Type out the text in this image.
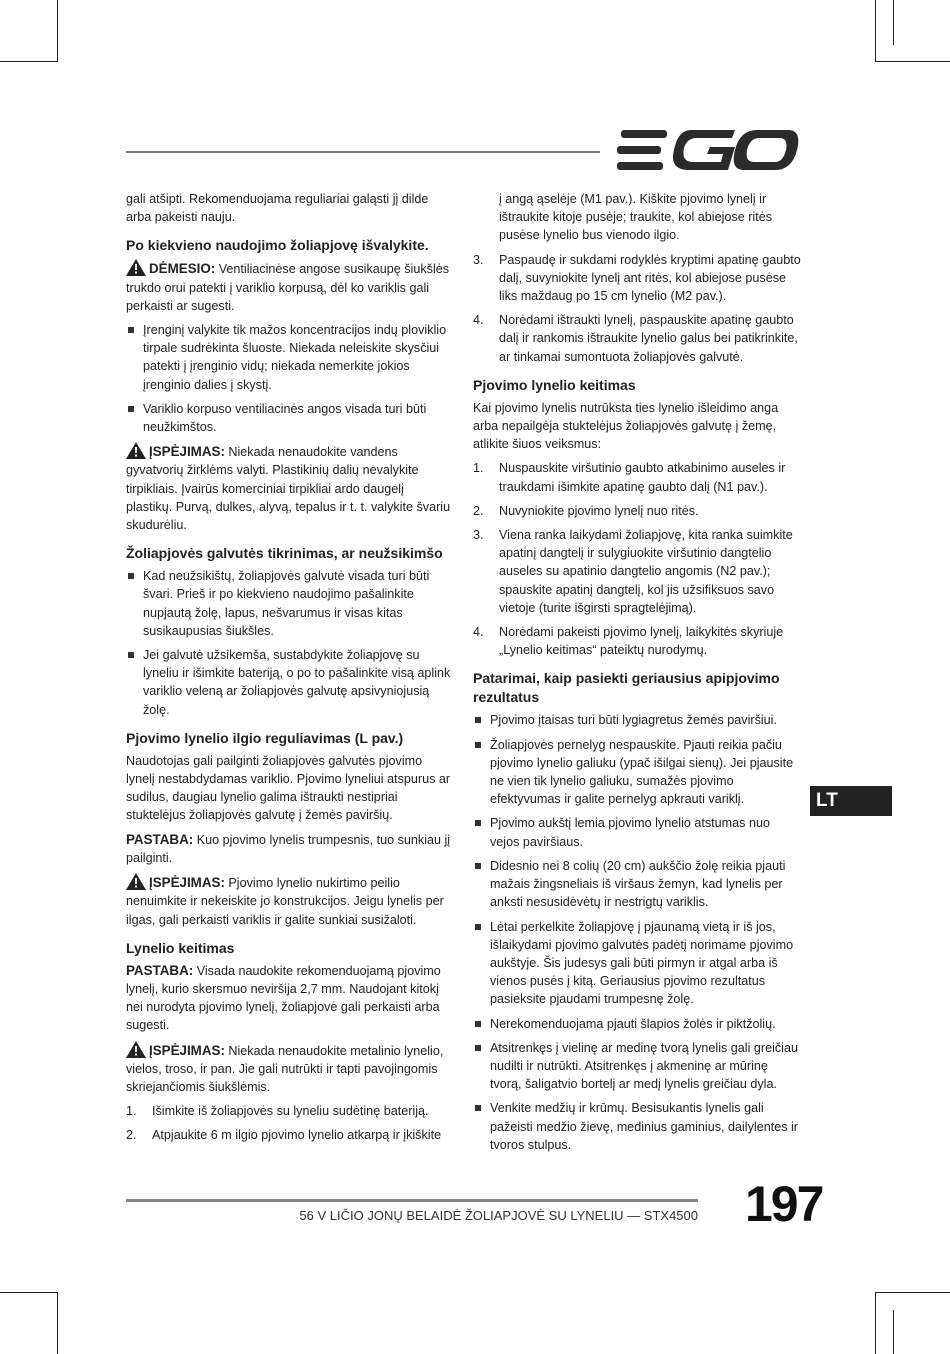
gali atšipti. Rekomenduojama reguliariai galąsti jį dilde arba pakeisti nauju.

Po kiekvieno naudojimo žoliapjovę išvalykite.

DĖMESIO: Ventiliacinėse angose susikaupę šiukšlės trukdo orui patekti į variklio korpusą, dėl ko variklis gali perkaisti ar sugesti.

Įrenginį valykite tik mažos koncentracijos indų ploviklio tirpale sudrėkinta šluoste. Niekada neleiskite skysčiui patekti į įrenginio vidų; niekada nemerkite jokios įrenginio dalies į skystį.
Variklio korpuso ventiliacinės angos visada turi būti neužkimštos.

ĮSPĖJIMAS: Niekada nenaudokite vandens gyvatvorių žirklėms valyti. Plastikinių dalių nevalykite tirpikliais. Įvairūs komerciniai tirpikliai ardo daugelį plastikų. Purvą, dulkes, alyvą, tepalus ir t. t. valykite švariu skudurėliu.

Žoliapjovės galvutės tikrinimas, ar neužsikimšo
Kad neužsikištų, žoliapjovės galvutė visada turi būti švari. Prieš ir po kiekvieno naudojimo pašalinkite nupjautą žolę, lapus, nešvarumus ir visas kitas susikaupusias šiukšles.
Jei galvutė užsikemša, sustabdykite žoliapjovę su lyneliu ir išimkite bateriją, o po to pašalinkite visą aplink variklio veleną ar žoliapjovės galvutę apsivyniojusią žolę.
Pjovimo lynelio ilgio reguliavimas (L pav.)

Naudotojas gali pailginti žoliapjovės galvutės pjovimo lynelį nestabdydamas variklio. Pjovimo lyneliui atspurus ar sudilus, daugiau lynelio galima ištraukti nestipriai stuktelėjus žoliapjovės galvutę į žemės paviršių.

PASTABA: Kuo pjovimo lynelis trumpesnis, tuo sunkiau jį pailginti.

ĮSPĖJIMAS: Pjovimo lynelio nukirtimo peilio nenuimkite ir nekeiskite jo konstrukcijos. Jeigu lynelis per ilgas, gali perkaisti variklis ir galite sunkiai susižaloti.

Lynelio keitimas

PASTABA: Visada naudokite rekomenduojamą pjovimo lynelį, kurio skersmuo neviršija 2,7 mm. Naudojant kitokį nei nurodyta pjovimo lynelį, žoliapjovė gali perkaisti arba sugesti.

ĮSPĖJIMAS: Niekada nenaudokite metalinio lynelio, vielos, troso, ir pan. Jie gali nutrūkti ir tapti pavojingomis skriejančiomis šiukšlėmis.

1. Išimkite iš žoliapjovės su lyneliu sudėtinę bateriją.
2. Atpjaukite 6 m ilgio pjovimo lynelio atkarpą ir įkiškite

į angą ąselėje (M1 pav.). Kiškite pjovimo lynelį ir ištraukite kitoje pusėje; traukite, kol abiejose ritės pusėse lynelio bus vienodo ilgio.

3. Paspaudę ir sukdami rodyklės kryptimi apatinę gaubto dalį, suvyniokite lynelį ant ritės, kol abiejose pusėse liks maždaug po 15 cm lynelio (M2 pav.).
4. Norėdami ištraukti lynelį, paspauskite apatinę gaubto dalį ir rankomis ištraukite lynelio galus bei patikrinkite, ar tinkamai sumontuota žoliapjovės galvutė.
Pjovimo lynelio keitimas

Kai pjovimo lynelis nutrūksta ties lynelio išleidimo anga arba nepailgėja stuktelėjus žoliapjovės galvutę į žemę, atlikite šiuos veiksmus:

1. Nuspauskite viršutinio gaubto atkabinimo auseles ir traukdami išimkite apatinę gaubto dalį (N1 pav.).
2. Nuvyniokite pjovimo lynelį nuo ritės.
3. Viena ranka laikydami žoliapjovę, kita ranka suimkite apatinį dangtelį ir sulygiuokite viršutinio dangtelio auseles su apatinio dangtelio angomis (N2 pav.); spauskite apatinį dangtelį, kol jis užsifiksuos savo vietoje (turite išgirsti spragtelėjimą).
4. Norėdami pakeisti pjovimo lynelį, laikykitės skyriuje „Lynelio keitimas“ pateiktų nurodymų.
Patarimai, kaip pasiekti geriausius apipjovimo rezultatus
Pjovimo įtaisas turi būti lygiagretus žemės paviršiui.
Žoliapjovės pernelyg nespauskite. Pjauti reikia pačiu pjovimo lynelio galiuku (ypač išilgai sienų). Jei pjausite ne vien tik lynelio galiuku, sumažės pjovimo efektyvumas ir galite pernelyg apkrauti variklį.
Pjovimo aukštį lemia pjovimo lynelio atstumas nuo vejos paviršiaus.
Didesnio nei 8 colių (20 cm) aukščio žolę reikia pjauti mažais žingsneliais iš viršaus žemyn, kad lynelis per anksti nesusidėvėtų ir nestrigtų variklis.
Lėtai perkelkite žoliapjovę į pjaunamą vietą ir iš jos, išlaikydami pjovimo galvutės padėtį norimame pjovimo aukštyje. Šis judesys gali būti pirmyn ir atgal arba iš vienos pusės į kitą. Geriausius pjovimo rezultatus pasieksite pjaudami trumpesnę žolę.
Nerekomenduojama pjauti šlapios žolės ir piktžolių.
Atsitrenkęs į vielinę ar medinę tvorą lynelis gali greičiau nudilti ir nutrūkti. Atsitrenkęs į akmeninę ar mūrinę tvorą, šaligatvio bortelį ar medį lynelis greičiau dyla.
Venkite medžių ir krūmų. Besisukantis lynelis gali pažeisti medžio žievę, medinius gaminius, dailylentes ir tvoros stulpus.
LT
56 V LIČIO JONŲ BELAIDĖ ŽOLIAPJOVĖ SU LYNELIU — STX4500 197
